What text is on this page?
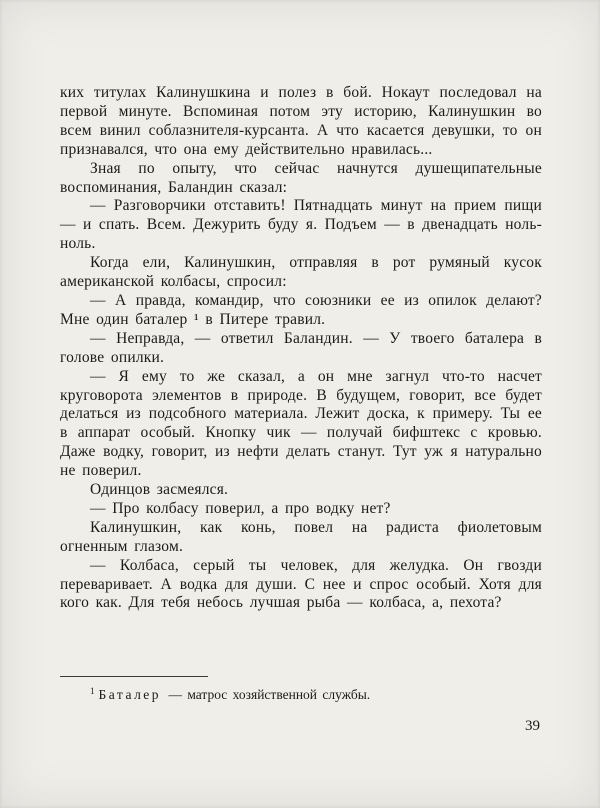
ких титулах Калинушкина и полез в бой. Нокаут последовал на первой минуте. Вспоминая потом эту историю, Калинушкин во всем винил соблазнителя-курсанта. А что касается девушки, то он признавался, что она ему действительно нравилась...

Зная по опыту, что сейчас начнутся душещипательные воспоминания, Баландин сказал:

— Разговорчики отставить! Пятнадцать минут на прием пищи — и спать. Всем. Дежурить буду я. Подъем — в двенадцать ноль-ноль.

Когда ели, Калинушкин, отправляя в рот румяный кусок американской колбасы, спросил:

— А правда, командир, что союзники ее из опилок делают? Мне один баталер ¹ в Питере травил.

— Неправда, — ответил Баландин. — У твоего баталера в голове опилки.

— Я ему то же сказал, а он мне загнул что-то насчет круговорота элементов в природе. В будущем, говорит, все будет делаться из подсобного материала. Лежит доска, к примеру. Ты ее в аппарат особый. Кнопку чик — получай бифштекс с кровью. Даже водку, говорит, из нефти делать станут. Тут уж я натурально не поверил.

Одинцов засмеялся.

— Про колбасу поверил, а про водку нет?

Калинушкин, как конь, повел на радиста фиолетовым огненным глазом.

— Колбаса, серый ты человек, для желудка. Он гвозди переваривает. А водка для души. С нее и спрос особый. Хотя для кого как. Для тебя небось лучшая рыба — колбаса, а, пехота?

$^1$ Баталер — матрос хозяйственной службы.

39
